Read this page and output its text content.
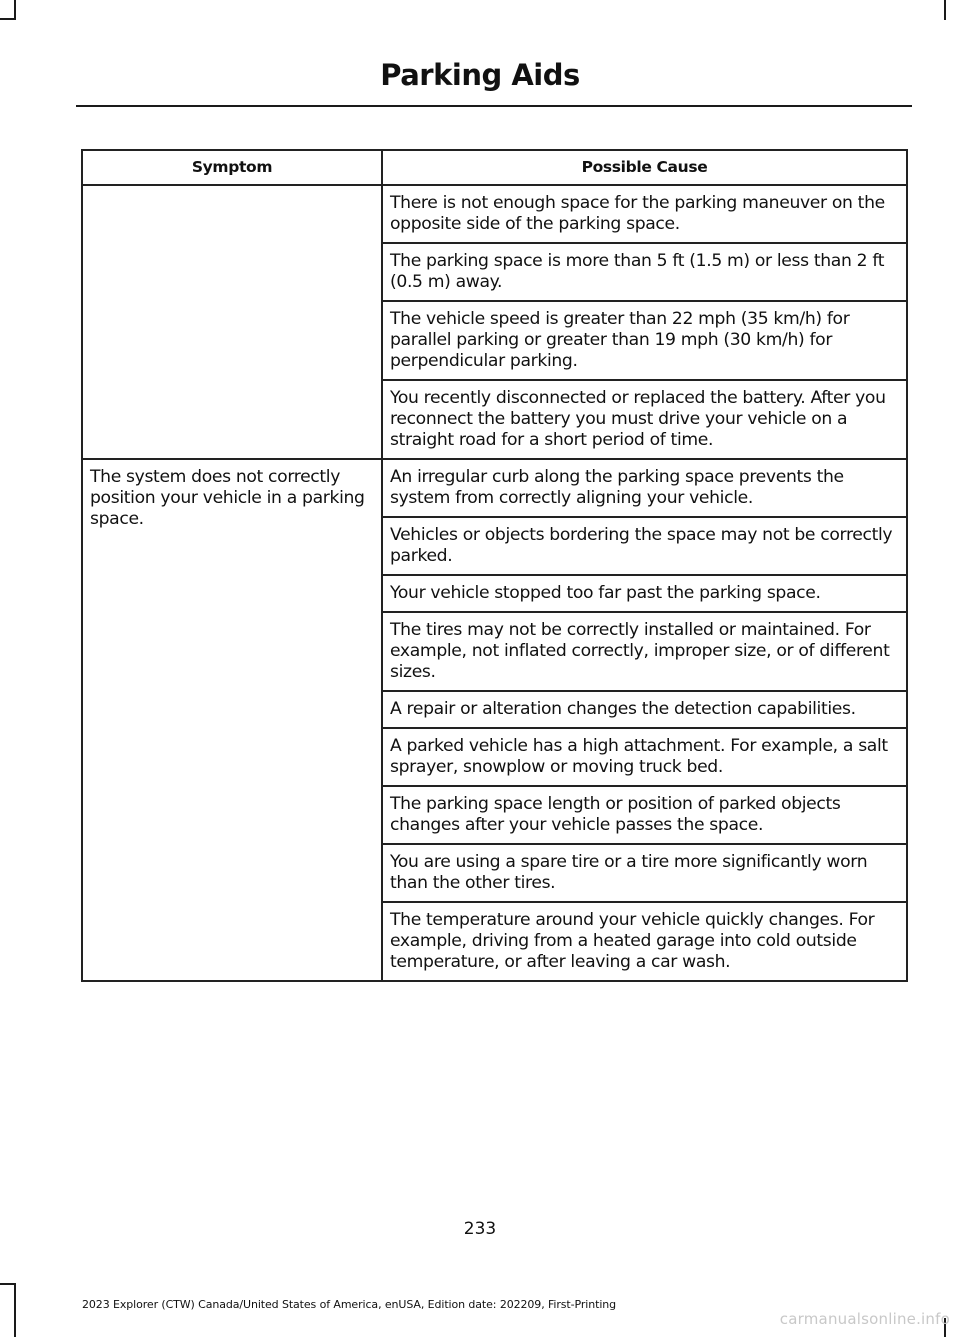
Parking Aids
Symptom	Possible Cause
	There is not enough space for the parking maneuver on the opposite side of the parking space.
	The parking space is more than 5 ft (1.5 m) or less than 2 ft (0.5 m) away.
	The vehicle speed is greater than 22 mph (35 km/h) for parallel parking or greater than 19 mph (30 km/h) for perpendicular parking.
	You recently disconnected or replaced the battery. After you reconnect the battery you must drive your vehicle on a straight road for a short period of time.
The system does not correctly position your vehicle in a parking space.	An irregular curb along the parking space prevents the system from correctly aligning your vehicle.
	Vehicles or objects bordering the space may not be correctly parked.
	Your vehicle stopped too far past the parking space.
	The tires may not be correctly installed or maintained. For example, not inflated correctly, improper size, or of different sizes.
	A repair or alteration changes the detection capabilities.
	A parked vehicle has a high attachment. For example, a salt sprayer, snowplow or moving truck bed.
	The parking space length or position of parked objects changes after your vehicle passes the space.
	You are using a spare tire or a tire more significantly worn than the other tires.
	The temperature around your vehicle quickly changes. For example, driving from a heated garage into cold outside temperature, or after leaving a car wash.
233
2023 Explorer (CTW) Canada/United States of America, enUSA, Edition date: 202209, First-Printing
carmanualsonline.info
